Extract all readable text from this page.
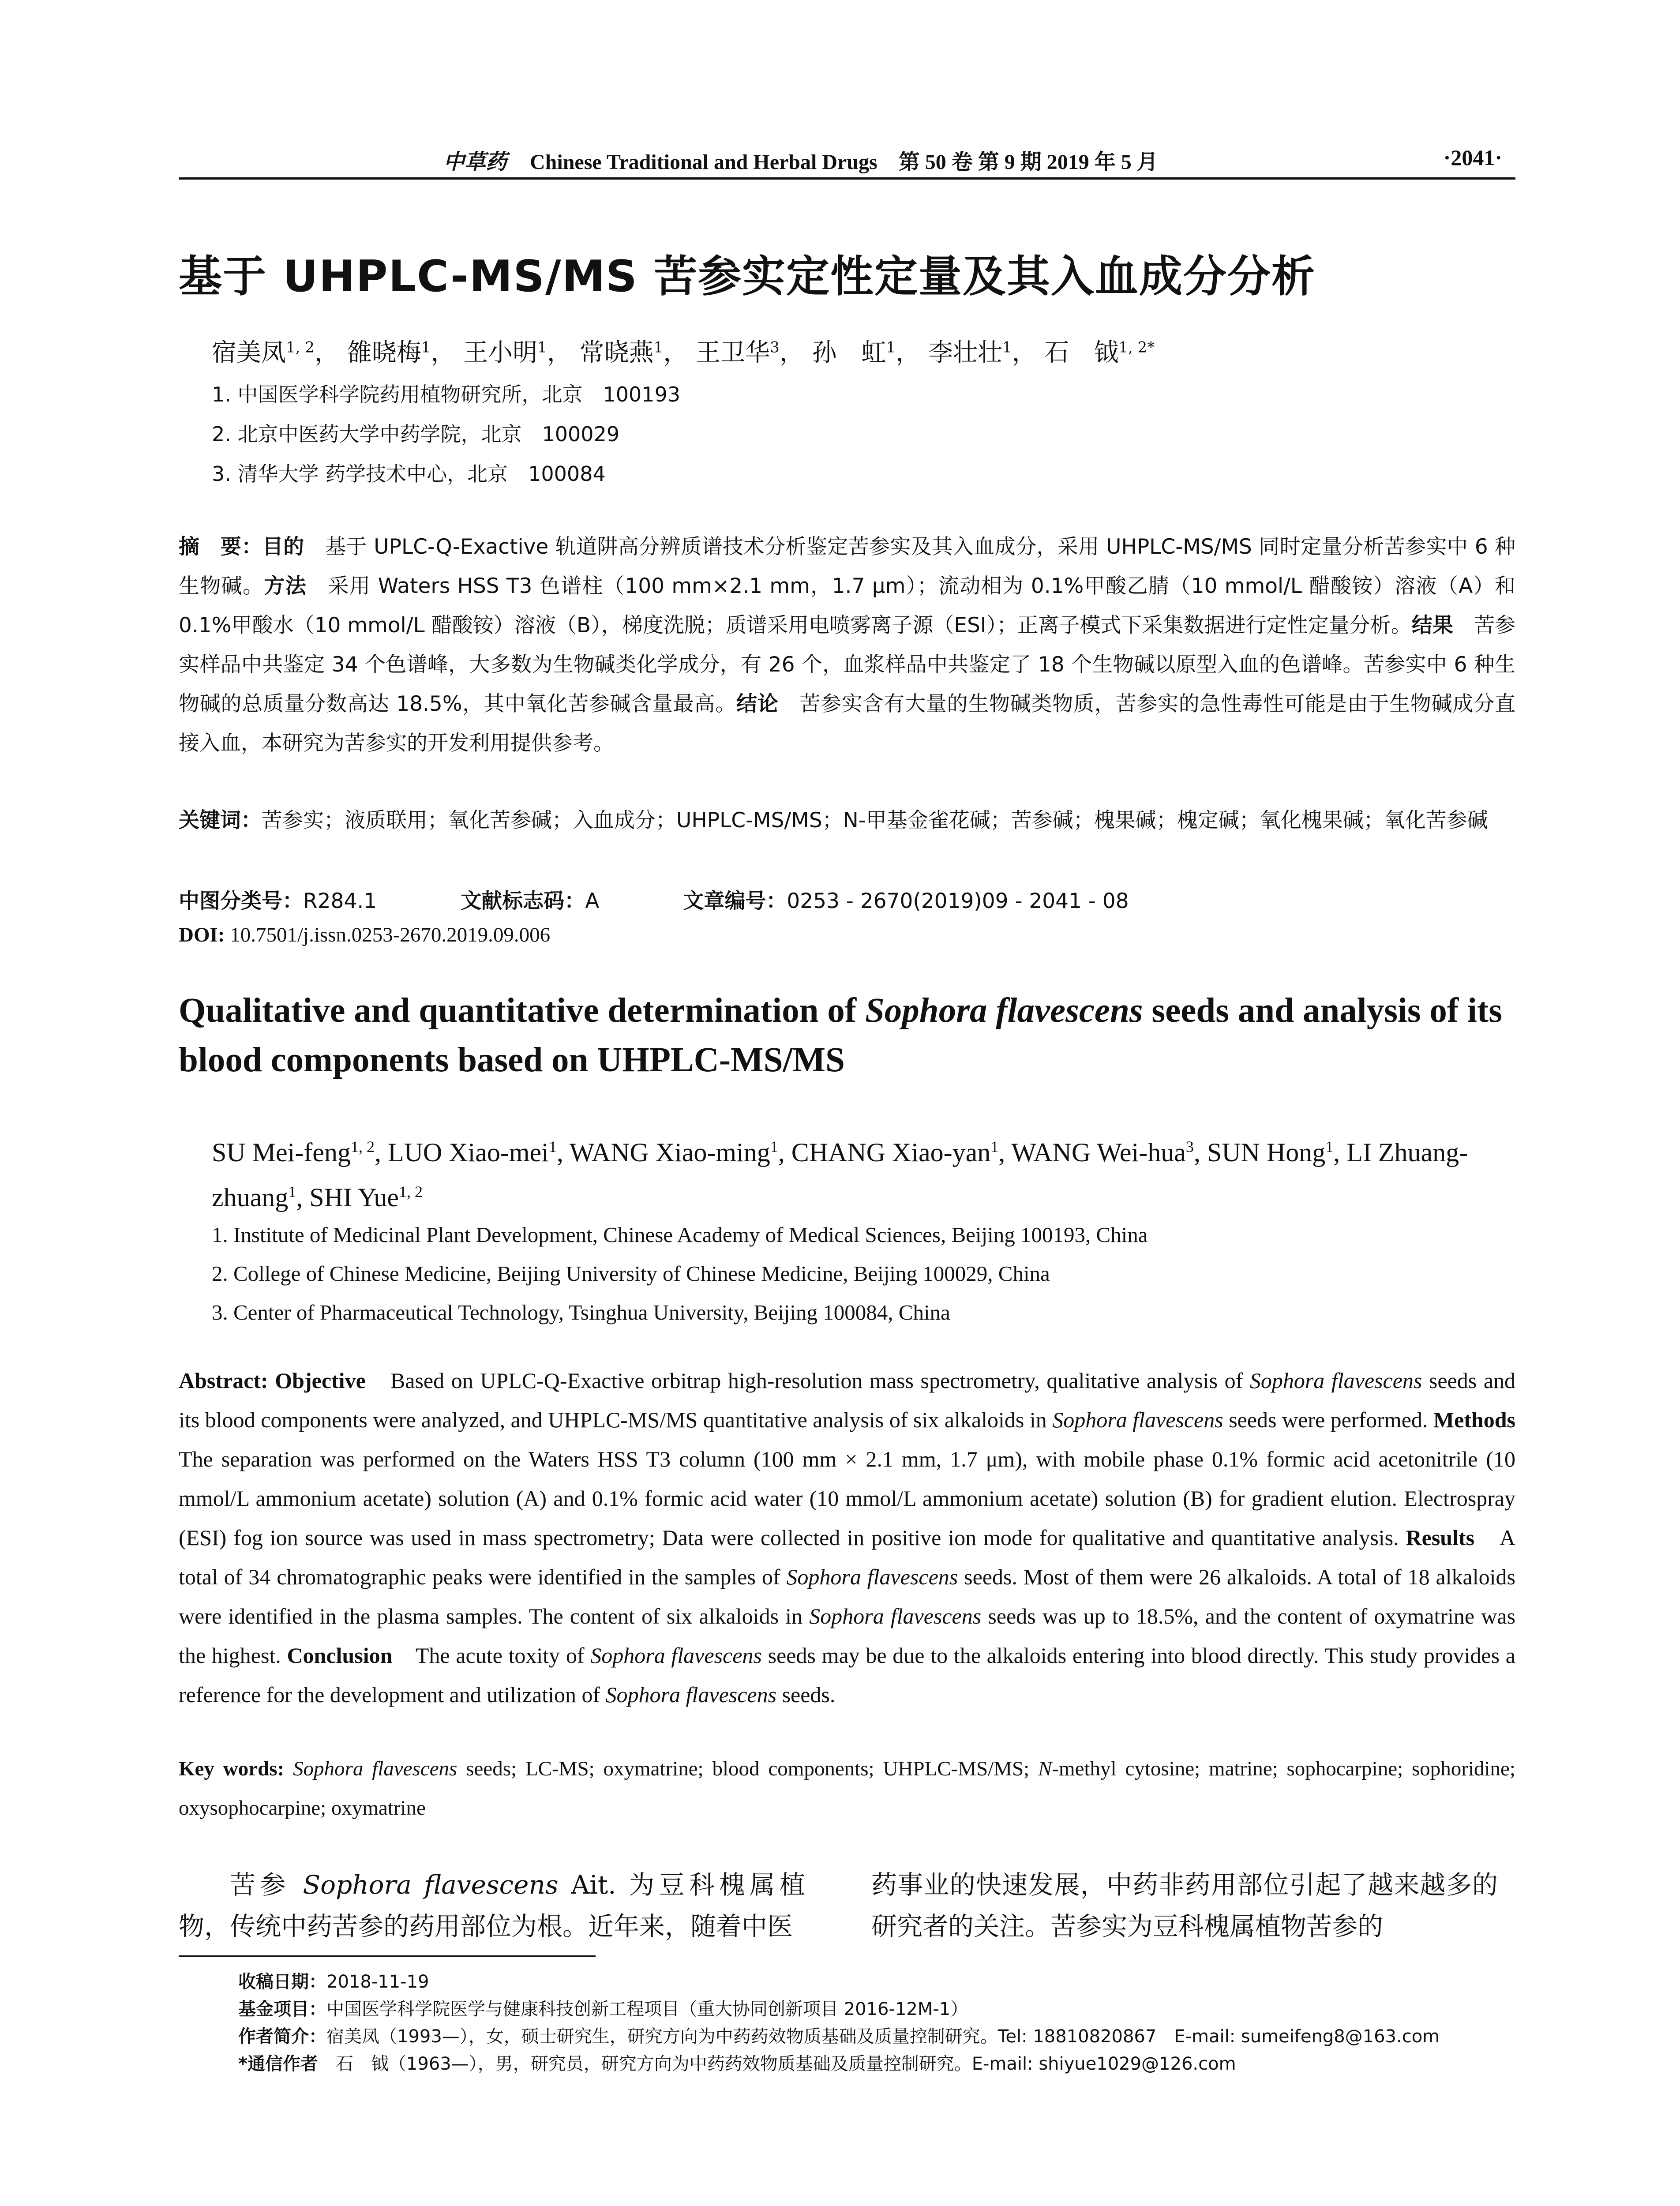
中草药 Chinese Traditional and Herbal Drugs 第 50 卷 第 9 期 2019 年 5 月	·2041·
基于 UHPLC-MS/MS 苦参实定性定量及其入血成分分析
宿美凤$^{1, 2}$， 雒晓梅$^1$， 王小明$^1$， 常晓燕$^1$， 王卫华$^3$， 孙　虹$^1$， 李壮壮$^1$， 石　钺$^{1, 2*}$
1. 中国医学科学院药用植物研究所，北京　100193
2. 北京中医药大学中药学院，北京　100029
3. 清华大学 药学技术中心，北京　100084
摘　要：目的　基于 UPLC-Q-Exactive 轨道阱高分辨质谱技术分析鉴定苦参实及其入血成分，采用 UHPLC-MS/MS 同时定量分析苦参实中 6 种生物碱。方法　采用 Waters HSS T3 色谱柱（100 mm×2.1 mm，1.7 μm）；流动相为 0.1%甲酸乙腈（10 mmol/L 醋酸铵）溶液（A）和 0.1%甲酸水（10 mmol/L 醋酸铵）溶液（B），梯度洗脱；质谱采用电喷雾离子源（ESI）；正离子模式下采集数据进行定性定量分析。结果　苦参实样品中共鉴定 34 个色谱峰，大多数为生物碱类化学成分，有 26 个，血浆样品中共鉴定了 18 个生物碱以原型入血的色谱峰。苦参实中 6 种生物碱的总质量分数高达 18.5%，其中氧化苦参碱含量最高。结论　苦参实含有大量的生物碱类物质，苦参实的急性毒性可能是由于生物碱成分直接入血，本研究为苦参实的开发利用提供参考。
关键词：苦参实；液质联用；氧化苦参碱；入血成分；UHPLC-MS/MS；N-甲基金雀花碱；苦参碱；槐果碱；槐定碱；氧化槐果碱；氧化苦参碱
中图分类号：R284.1	文献标志码：A	文章编号：0253 - 2670(2019)09 - 2041 - 08
DOI: 10.7501/j.issn.0253-2670.2019.09.006
Qualitative and quantitative determination of Sophora flavescens seeds and analysis of its blood components based on UHPLC-MS/MS
SU Mei-feng$^{1, 2}$, LUO Xiao-mei$^1$, WANG Xiao-ming$^1$, CHANG Xiao-yan$^1$, WANG Wei-hua$^3$, SUN Hong$^1$, LI Zhuang-zhuang$^1$, SHI Yue$^{1, 2}$
1. Institute of Medicinal Plant Development, Chinese Academy of Medical Sciences, Beijing 100193, China
2. College of Chinese Medicine, Beijing University of Chinese Medicine, Beijing 100029, China
3. Center of Pharmaceutical Technology, Tsinghua University, Beijing 100084, China
Abstract: Objective　Based on UPLC-Q-Exactive orbitrap high-resolution mass spectrometry, qualitative analysis of Sophora flavescens seeds and its blood components were analyzed, and UHPLC-MS/MS quantitative analysis of six alkaloids in Sophora flavescens seeds were performed. Methods　The separation was performed on the Waters HSS T3 column (100 mm × 2.1 mm, 1.7 μm), with mobile phase 0.1% formic acid acetonitrile (10 mmol/L ammonium acetate) solution (A) and 0.1% formic acid water (10 mmol/L ammonium acetate) solution (B) for gradient elution. Electrospray (ESI) fog ion source was used in mass spectrometry; Data were collected in positive ion mode for qualitative and quantitative analysis. Results　A total of 34 chromatographic peaks were identified in the samples of Sophora flavescens seeds. Most of them were 26 alkaloids. A total of 18 alkaloids were identified in the plasma samples. The content of six alkaloids in Sophora flavescens seeds was up to 18.5%, and the content of oxymatrine was the highest. Conclusion　The acute toxity of Sophora flavescens seeds may be due to the alkaloids entering into blood directly. This study provides a reference for the development and utilization of Sophora flavescens seeds.
Key words: Sophora flavescens seeds; LC-MS; oxymatrine; blood components; UHPLC-MS/MS; N-methyl cytosine; matrine; sophocarpine; sophoridine; oxysophocarpine; oxymatrine
苦参 Sophora flavescens Ait. 为豆科槐属植物，传统中药苦参的药用部位为根。近年来，随着中医
药事业的快速发展，中药非药用部位引起了越来越多的研究者的关注。苦参实为豆科槐属植物苦参的
收稿日期：2018-11-19
基金项目：中国医学科学院医学与健康科技创新工程项目（重大协同创新项目 2016-12M-1）
作者简介：宿美凤（1993—），女，硕士研究生，研究方向为中药药效物质基础及质量控制研究。Tel: 18810820867　E-mail: sumeifeng8@163.com
*通信作者　石　钺（1963—），男，研究员，研究方向为中药药效物质基础及质量控制研究。E-mail: shiyue1029@126.com
